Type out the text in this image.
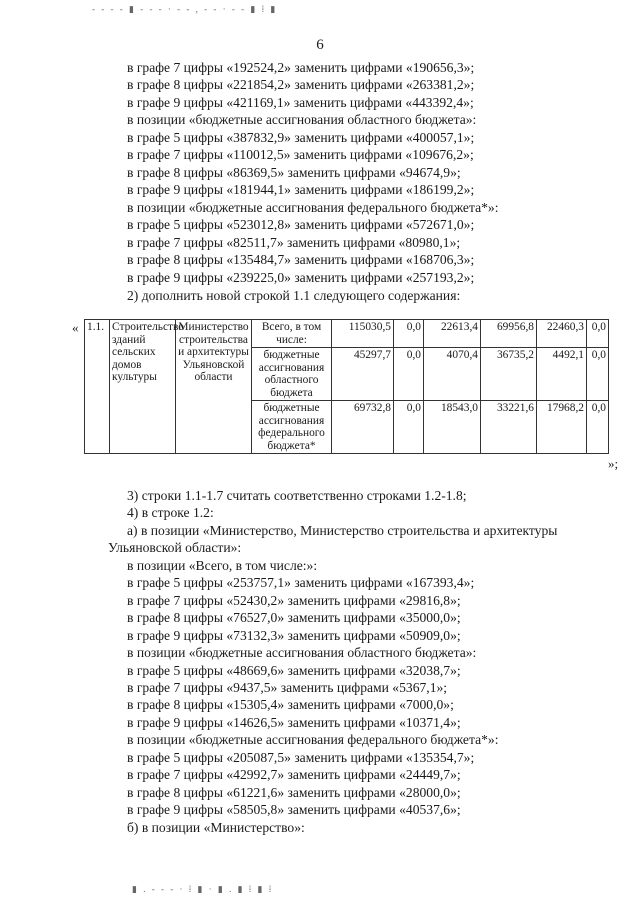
- - - - ▮ - - - · - - , - - · - - ▮ ⁞ ▮
6
в графе 7 цифры «192524,2» заменить цифрами «190656,3»;
в графе 8 цифры «221854,2» заменить цифрами «263381,2»;
в графе 9 цифры «421169,1» заменить цифрами «443392,4»;
в позиции «бюджетные ассигнования областного бюджета»:
в графе 5 цифры «387832,9» заменить цифрами «400057,1»;
в графе 7 цифры «110012,5» заменить цифрами «109676,2»;
в графе 8 цифры «86369,5» заменить цифрами «94674,9»;
в графе 9 цифры «181944,1» заменить цифрами «186199,2»;
в позиции «бюджетные ассигнования федерального бюджета*»:
в графе 5 цифры «523012,8» заменить цифрами «572671,0»;
в графе 7 цифры «82511,7» заменить цифрами «80980,1»;
в графе 8 цифры «135484,7» заменить цифрами «168706,3»;
в графе 9 цифры «239225,0» заменить цифрами «257193,2»;
2) дополнить новой строкой 1.1 следующего содержания:
« 1.1.	Строительство зданий сельских домов культуры	Министерство строительства и архитектуры Ульяновской области	Всего, в том числе:	115030,5	0,0	22613,4	69956,8	22460,3	0,0
			бюджетные ассигнования областного бюджета	45297,7	0,0	4070,4	36735,2	4492,1	0,0
			бюджетные ассигнования федерального бюджета*	69732,8	0,0	18543,0	33221,6	17968,2	0,0
»;
3) строки 1.1-1.7 считать соответственно строками 1.2-1.8;
4) в строке 1.2:
а) в позиции «Министерство, Министерство строительства и архитектуры
Ульяновской области»:
в позиции «Всего, в том числе:»:
в графе 5 цифры «253757,1» заменить цифрами «167393,4»;
в графе 7 цифры «52430,2» заменить цифрами «29816,8»;
в графе 8 цифры «76527,0» заменить цифрами «35000,0»;
в графе 9 цифры «73132,3» заменить цифрами «50909,0»;
в позиции «бюджетные ассигнования областного бюджета»:
в графе 5 цифры «48669,6» заменить цифрами «32038,7»;
в графе 7 цифры «9437,5» заменить цифрами «5367,1»;
в графе 8 цифры «15305,4» заменить цифрами «7000,0»;
в графе 9 цифры «14626,5» заменить цифрами «10371,4»;
в позиции «бюджетные ассигнования федерального бюджета*»:
в графе 5 цифры «205087,5» заменить цифрами «135354,7»;
в графе 7 цифры «42992,7» заменить цифрами «24449,7»;
в графе 8 цифры «61221,6» заменить цифрами «28000,0»;
в графе 9 цифры «58505,8» заменить цифрами «40537,6»;
б) в позиции «Министерство»:
▮ . - - - · ⁞ ▮ · ▮ . ▮ ⁞ ▮ ⁞
